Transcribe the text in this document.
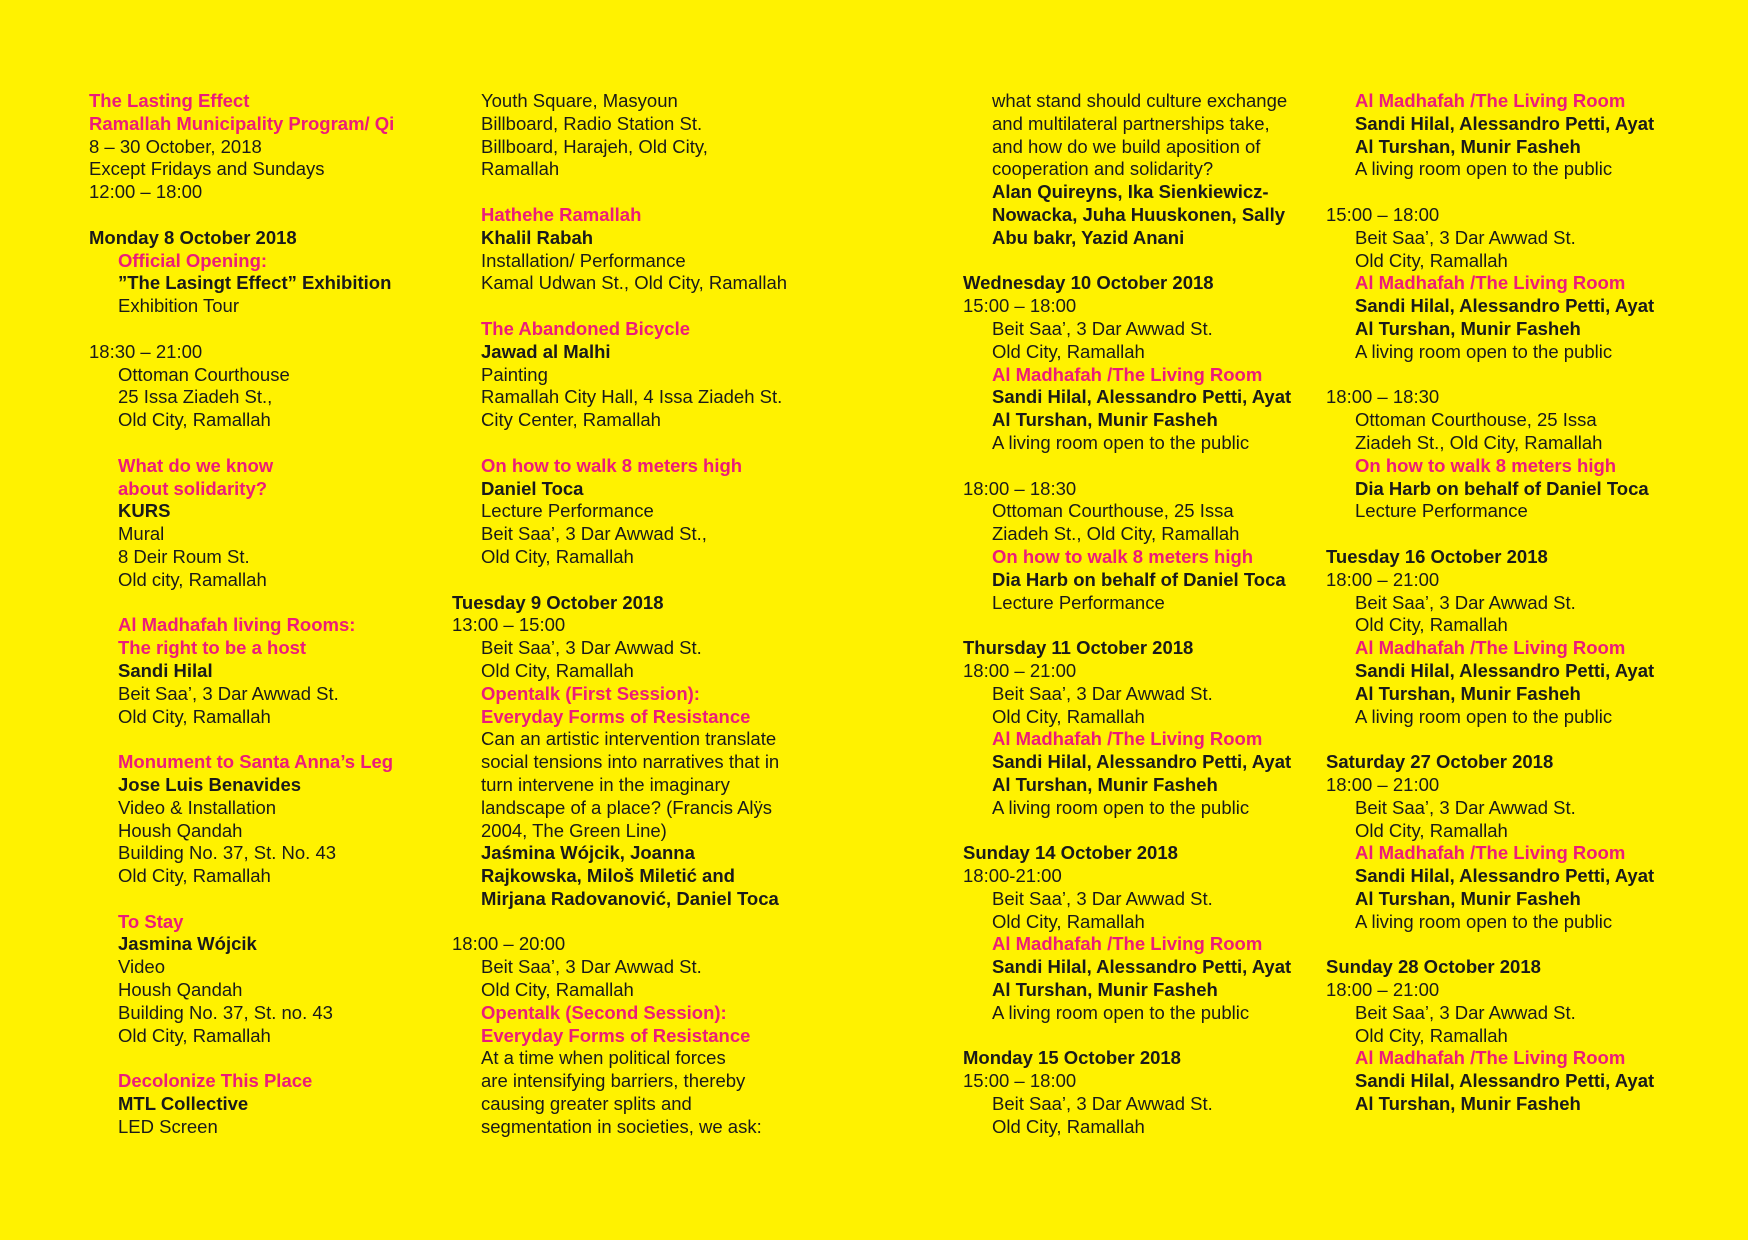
The Lasting Effect
Ramallah Municipality Program/ Qi
8 – 30 October, 2018
Except Fridays and Sundays
12:00 – 18:00
Monday 8 October 2018
Official Opening:
”The Lasingt Effect” Exhibition
Exhibition Tour
18:30 – 21:00
Ottoman Courthouse
25 Issa Ziadeh St.,
Old City, Ramallah
What do we know
about solidarity?
KURS
Mural
8 Deir Roum St.
Old city, Ramallah
Al Madhafah living Rooms:
The right to be a host
Sandi Hilal
Beit Saa’, 3 Dar Awwad St.
Old City, Ramallah
Monument to Santa Anna’s Leg
Jose Luis Benavides
Video & Installation
Housh Qandah
Building No. 37, St. No. 43
Old City, Ramallah
To Stay
Jasmina Wójcik
Video
Housh Qandah
Building No. 37, St. no. 43
Old City, Ramallah
Decolonize This Place
MTL Collective
LED Screen
Youth Square, Masyoun
Billboard, Radio Station St.
Billboard, Harajeh, Old City,
Ramallah
Hathehe Ramallah
Khalil Rabah
Installation/ Performance
Kamal Udwan St., Old City, Ramallah
The Abandoned Bicycle
Jawad al Malhi
Painting
Ramallah City Hall, 4 Issa Ziadeh St.
City Center, Ramallah
On how to walk 8 meters high
Daniel Toca
Lecture Performance
Beit Saa’, 3 Dar Awwad St.,
Old City, Ramallah
Tuesday 9 October 2018
13:00 – 15:00
Beit Saa’, 3 Dar Awwad St.
Old City, Ramallah
Opentalk (First Session):
Everyday Forms of Resistance
Can an artistic intervention translate
social tensions into narratives that in
turn intervene in the imaginary
landscape of a place? (Francis Alÿs
2004, The Green Line)
Jaśmina Wójcik, Joanna
Rajkowska, Miloš Miletić and
Mirjana Radovanović, Daniel Toca
18:00 – 20:00
Beit Saa’, 3 Dar Awwad St.
Old City, Ramallah
Opentalk (Second Session):
Everyday Forms of Resistance
At a time when political forces
are intensifying barriers, thereby
causing greater splits and
segmentation in societies, we ask:
what stand should culture exchange
and multilateral partnerships take,
and how do we build aposition of
cooperation and solidarity?
Alan Quireyns, Ika Sienkiewicz-
Nowacka, Juha Huuskonen, Sally
Abu bakr, Yazid Anani
Wednesday 10 October 2018
15:00 – 18:00
Beit Saa’, 3 Dar Awwad St.
Old City, Ramallah
Al Madhafah /The Living Room
Sandi Hilal, Alessandro Petti, Ayat
Al Turshan, Munir Fasheh
A living room open to the public
18:00 – 18:30
Ottoman Courthouse, 25 Issa
Ziadeh St., Old City, Ramallah
On how to walk 8 meters high
Dia Harb on behalf of Daniel Toca
Lecture Performance
Thursday 11 October 2018
18:00 – 21:00
Beit Saa’, 3 Dar Awwad St.
Old City, Ramallah
Al Madhafah /The Living Room
Sandi Hilal, Alessandro Petti, Ayat
Al Turshan, Munir Fasheh
A living room open to the public
Sunday 14 October 2018
18:00-21:00
Beit Saa’, 3 Dar Awwad St.
Old City, Ramallah
Al Madhafah /The Living Room
Sandi Hilal, Alessandro Petti, Ayat
Al Turshan, Munir Fasheh
A living room open to the public
Monday 15 October 2018
15:00 – 18:00
Beit Saa’, 3 Dar Awwad St.
Old City, Ramallah
Al Madhafah /The Living Room
Sandi Hilal, Alessandro Petti, Ayat
Al Turshan, Munir Fasheh
A living room open to the public
15:00 – 18:00
Beit Saa’, 3 Dar Awwad St.
Old City, Ramallah
Al Madhafah /The Living Room
Sandi Hilal, Alessandro Petti, Ayat
Al Turshan, Munir Fasheh
A living room open to the public
18:00 – 18:30
Ottoman Courthouse, 25 Issa
Ziadeh St., Old City, Ramallah
On how to walk 8 meters high
Dia Harb on behalf of Daniel Toca
Lecture Performance
Tuesday 16 October 2018
18:00 – 21:00
Beit Saa’, 3 Dar Awwad St.
Old City, Ramallah
Al Madhafah /The Living Room
Sandi Hilal, Alessandro Petti, Ayat
Al Turshan, Munir Fasheh
A living room open to the public
Saturday 27 October 2018
18:00 – 21:00
Beit Saa’, 3 Dar Awwad St.
Old City, Ramallah
Al Madhafah /The Living Room
Sandi Hilal, Alessandro Petti, Ayat
Al Turshan, Munir Fasheh
A living room open to the public
Sunday 28 October 2018
18:00 – 21:00
Beit Saa’, 3 Dar Awwad St.
Old City, Ramallah
Al Madhafah /The Living Room
Sandi Hilal, Alessandro Petti, Ayat
Al Turshan, Munir Fasheh
